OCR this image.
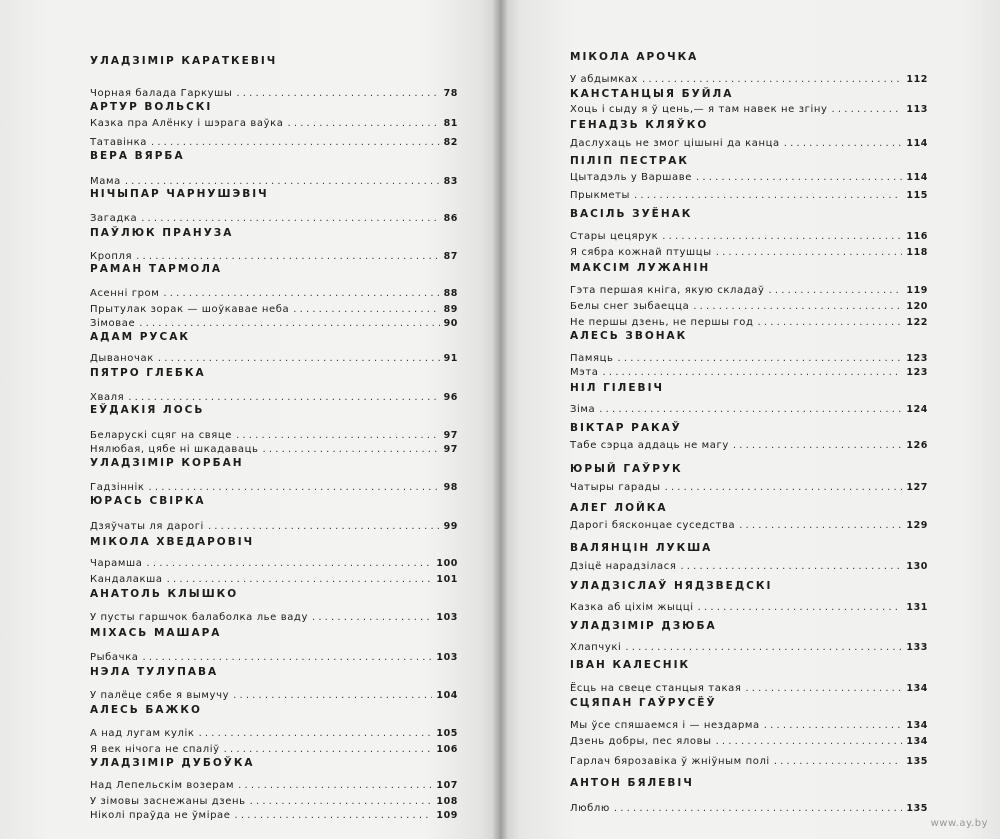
УЛАДЗІМІР КАРАТКЕВІЧ
Чорная балада Гаркушы . . .	78
АРТУР ВОЛЬСКІ
Казка пра Алёнку і шэрага ваўка . . .	81
Татавінка . . .	82
ВЕРА ВЯРБА
Мама . . .	83
НІЧЫПАР ЧАРНУШЭВІЧ
Загадка . . .	86
ПАЎЛЮК ПРАНУЗA
Кропля . . .	87
РАМАН ТАРМОЛА
Асенні гром . . .	88
Прытулак зорак — шоўкавае неба . . .	89
Зімовае . . .	90
АДАМ РУСАК
Дываночак . . .	91
ПЯТРО ГЛЕБКА
Хваля . . .	96
ЕЎДАКІЯ ЛОСЬ
Беларускі сцяг на свяце . . .	97
Нялюбая, цябе ні шкадаваць . . .	97
УЛАДЗІМІР КОРБАН
Гадзіннік . . .	98
ЮРАСЬ СВІРКА
Дзяўчаты ля дарогі . . .	99
МІКОЛА ХВЕДАРОВІЧ
Чарамша . . .	100
Кандалакша . . .	101
АНАТОЛЬ КЛЫШКО
У пусты гаршчок балаболка лье ваду . . .	103
МІХАСЬ МАШАРА
Рыбачка . . .	103
НЭЛА ТУЛУПАВА
У палёце сябе я вымучу . . .	104
АЛЕСЬ БАЖКО
А над лугам кулік . . .	105
Я век нічога не спаліў . . .	106
УЛАДЗІМІР ДУБОЎКА
Над Лепельскім возерам . . .	107
У зімовы заснежаны дзень . . .	108
Ніколі праўда не ўмірае . . .	109
МІКОЛА АРОЧКА
У абдымках . . .	112
КАНСТАНЦЫЯ БУЙЛА
Хоць і сыду я ў цень,— я там навек не згіну . . .	113
ГЕНАДЗЬ КЛЯЎКО
Даслухаць не змог цішыні да канца . . .	114
ПІЛІП ПЕСТРАК
Цытадэль у Варшаве . . .	114
Прыкметы . . .	115
ВАСІЛЬ ЗУЁНАК
Стары цецярук . . .	116
Я сябра кожнай птушцы . . .	118
МАКСІМ ЛУЖАНІН
Гэта першая кніга, якую складаў . . .	119
Белы снег зыбаецца . . .	120
Не першы дзень, не першы год . . .	122
АЛЕСЬ ЗВОНАК
Памяць . . .	123
Мэта . . .	123
НІЛ ГІЛЕВІЧ
Зіма . . .	124
ВІКТАР РАКАЎ
Табе сэрца аддаць не магу . . .	126
ЮРЫЙ ГАЎРУК
Чатыры гарады . . .	127
АЛЕГ ЛОЙКА
Дарогі бясконцае суседства . . .	129
ВАЛЯНЦІН ЛУКША
Дзіцё нарадзілася . . .	130
УЛАДЗІСЛАЎ НЯДЗВЕДСКІ
Казка аб ціхім жыцці . . .	131
УЛАДЗІМІР ДЗЮБА
Хлапчукі . . .	133
ІВАН КАЛЕСНІК
Ёсць на свеце станцыя такая . . .	134
СЦЯПАН ГАЎРУСЁЎ
Мы ўсе спяшаемся і — нездарма . . .	134
Дзень добры, пес яловы . . .	134
Гарлач бярозавіка ў жнiўным полі . . .	135
АНТОН БЯЛЕВІЧ
Люблю . . .	135
www.ay.by
